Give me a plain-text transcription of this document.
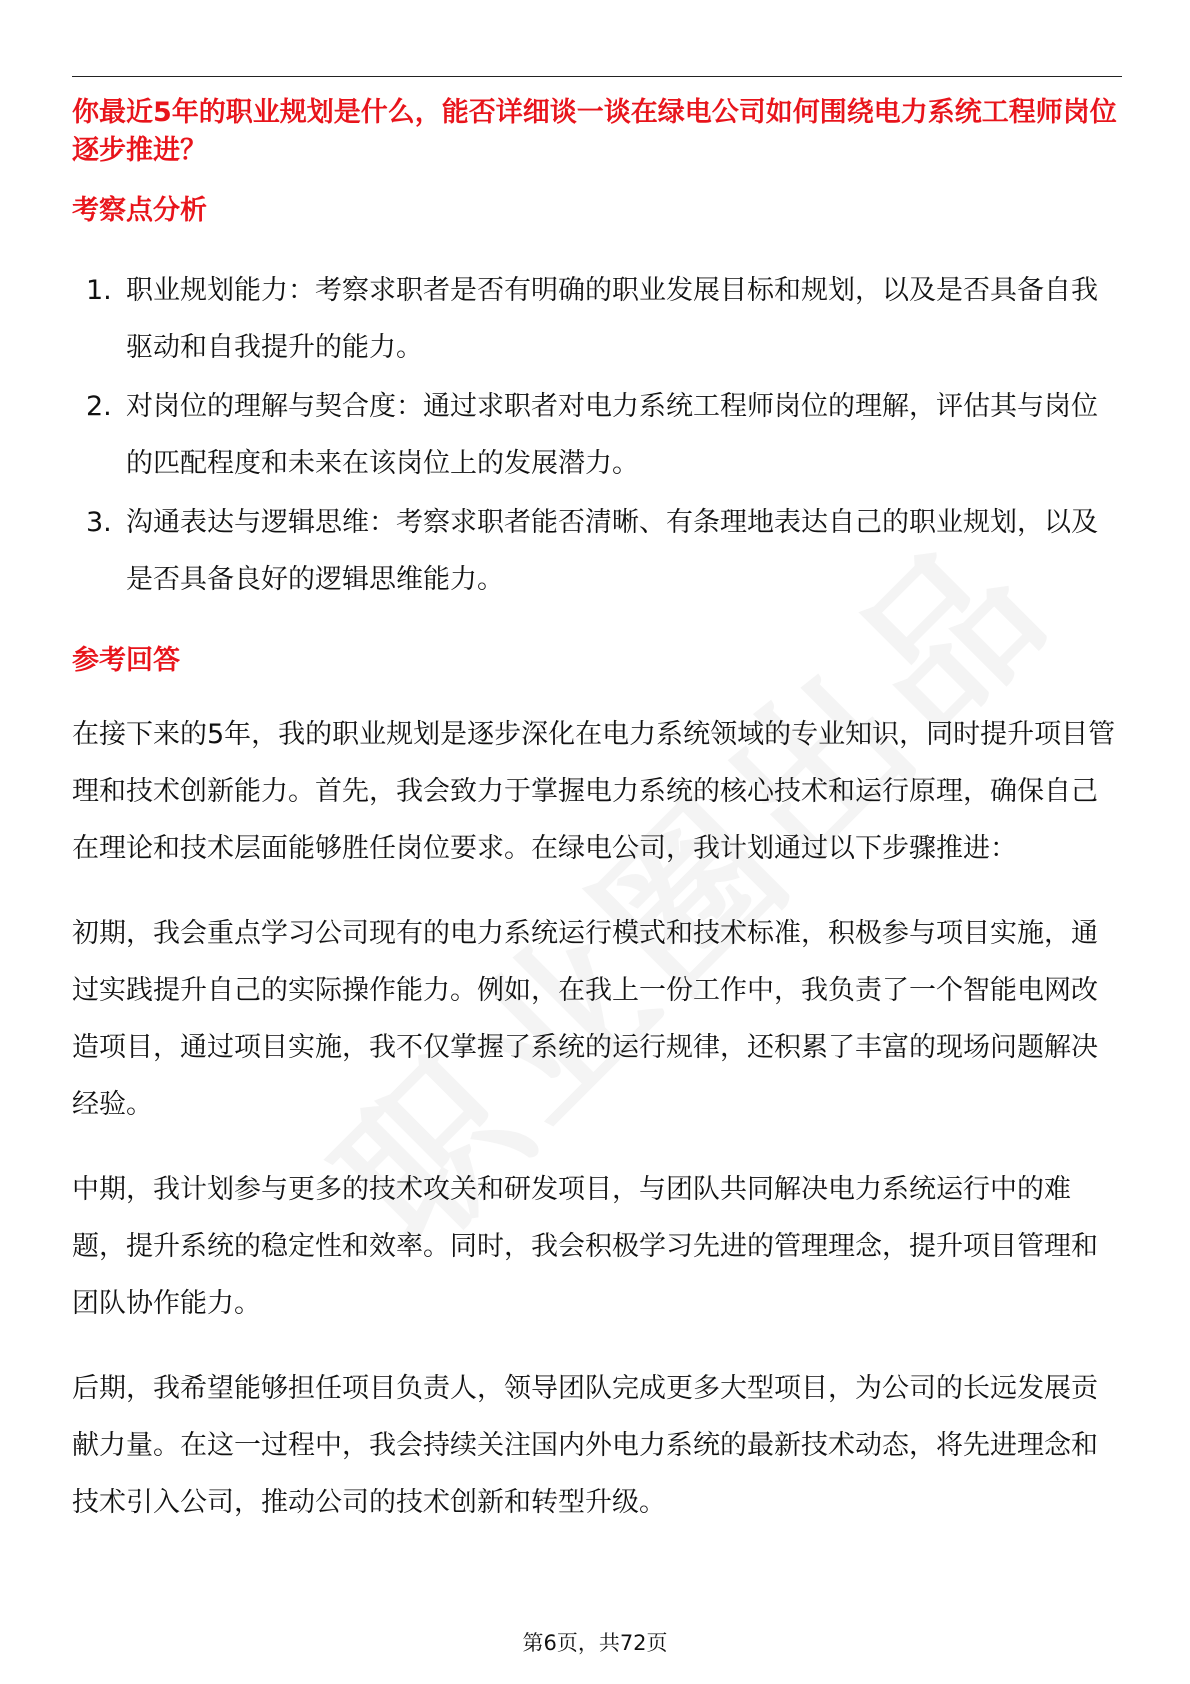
你最近5年的职业规划是什么，能否详细谈一谈在绿电公司如何围绕电力系统工程师岗位逐步推进？

考察点分析

1. 职业规划能力：考察求职者是否有明确的职业发展目标和规划，以及是否具备自我驱动和自我提升的能力。
2. 对岗位的理解与契合度：通过求职者对电力系统工程师岗位的理解，评估其与岗位的匹配程度和未来在该岗位上的发展潜力。
3. 沟通表达与逻辑思维：考察求职者能否清晰、有条理地表达自己的职业规划，以及是否具备良好的逻辑思维能力。

参考回答

在接下来的5年，我的职业规划是逐步深化在电力系统领域的专业知识，同时提升项目管理和技术创新能力。首先，我会致力于掌握电力系统的核心技术和运行原理，确保自己在理论和技术层面能够胜任岗位要求。在绿电公司，我计划通过以下步骤推进：

初期，我会重点学习公司现有的电力系统运行模式和技术标准，积极参与项目实施，通过实践提升自己的实际操作能力。例如，在我上一份工作中，我负责了一个智能电网改造项目，通过项目实施，我不仅掌握了系统的运行规律，还积累了丰富的现场问题解决经验。

中期，我计划参与更多的技术攻关和研发项目，与团队共同解决电力系统运行中的难题，提升系统的稳定性和效率。同时，我会积极学习先进的管理理念，提升项目管理和团队协作能力。

后期，我希望能够担任项目负责人，领导团队完成更多大型项目，为公司的长远发展贡献力量。在这一过程中，我会持续关注国内外电力系统的最新技术动态，将先进理念和技术引入公司，推动公司的技术创新和转型升级。

第6页，共72页
